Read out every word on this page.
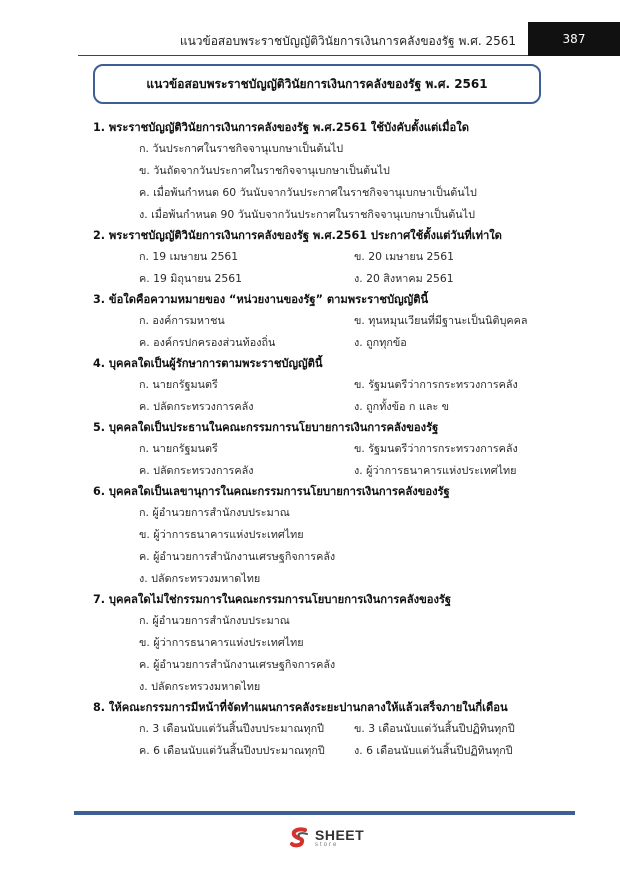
แนวข้อสอบพระราชบัญญัติวินัยการเงินการคลังของรัฐ พ.ศ. 2561	387
แนวข้อสอบพระราชบัญญัติวินัยการเงินการคลังของรัฐ พ.ศ. 2561
1. พระราชบัญญัติวินัยการเงินการคลังของรัฐ พ.ศ.2561 ใช้บังคับตั้งแต่เมื่อใด
ก. วันประกาศในราชกิจจานุเบกษาเป็นต้นไป
ข. วันถัดจากวันประกาศในราชกิจจานุเบกษาเป็นต้นไป
ค. เมื่อพ้นกำหนด 60 วันนับจากวันประกาศในราชกิจจานุเบกษาเป็นต้นไป
ง. เมื่อพ้นกำหนด 90 วันนับจากวันประกาศในราชกิจจานุเบกษาเป็นต้นไป
2. พระราชบัญญัติวินัยการเงินการคลังของรัฐ พ.ศ.2561 ประกาศใช้ตั้งแต่วันที่เท่าใด
ก. 19 เมษายน 2561	ข. 20 เมษายน 2561
ค. 19 มิถุนายน 2561	ง. 20 สิงหาคม 2561
3. ข้อใดคือความหมายของ “หน่วยงานของรัฐ” ตามพระราชบัญญัตินี้
ก. องค์การมหาชน	ข. ทุนหมุนเวียนที่มีฐานะเป็นนิติบุคคล
ค. องค์กรปกครองส่วนท้องถิ่น	ง. ถูกทุกข้อ
4. บุคคลใดเป็นผู้รักษาการตามพระราชบัญญัตินี้
ก. นายกรัฐมนตรี	ข. รัฐมนตรีว่าการกระทรวงการคลัง
ค. ปลัดกระทรวงการคลัง	ง. ถูกทั้งข้อ ก และ ข
5. บุคคลใดเป็นประธานในคณะกรรมการนโยบายการเงินการคลังของรัฐ
ก. นายกรัฐมนตรี	ข. รัฐมนตรีว่าการกระทรวงการคลัง
ค. ปลัดกระทรวงการคลัง	ง. ผู้ว่าการธนาคารแห่งประเทศไทย
6. บุคคลใดเป็นเลขานุการในคณะกรรมการนโยบายการเงินการคลังของรัฐ
ก. ผู้อำนวยการสำนักงบประมาณ
ข. ผู้ว่าการธนาคารแห่งประเทศไทย
ค. ผู้อำนวยการสำนักงานเศรษฐกิจการคลัง
ง. ปลัดกระทรวงมหาดไทย
7. บุคคลใดไม่ใช่กรรมการในคณะกรรมการนโยบายการเงินการคลังของรัฐ
ก. ผู้อำนวยการสำนักงบประมาณ
ข. ผู้ว่าการธนาคารแห่งประเทศไทย
ค. ผู้อำนวยการสำนักงานเศรษฐกิจการคลัง
ง. ปลัดกระทรวงมหาดไทย
8. ให้คณะกรรมการมีหน้าที่จัดทำแผนการคลังระยะปานกลางให้แล้วเสร็จภายในกี่เดือน
ก. 3 เดือนนับแต่วันสิ้นปีงบประมาณทุกปี	ข. 3 เดือนนับแต่วันสิ้นปีปฏิทินทุกปี
ค. 6 เดือนนับแต่วันสิ้นปีงบประมาณทุกปี	ง. 6 เดือนนับแต่วันสิ้นปีปฏิทินทุกปี
SHEET
store
